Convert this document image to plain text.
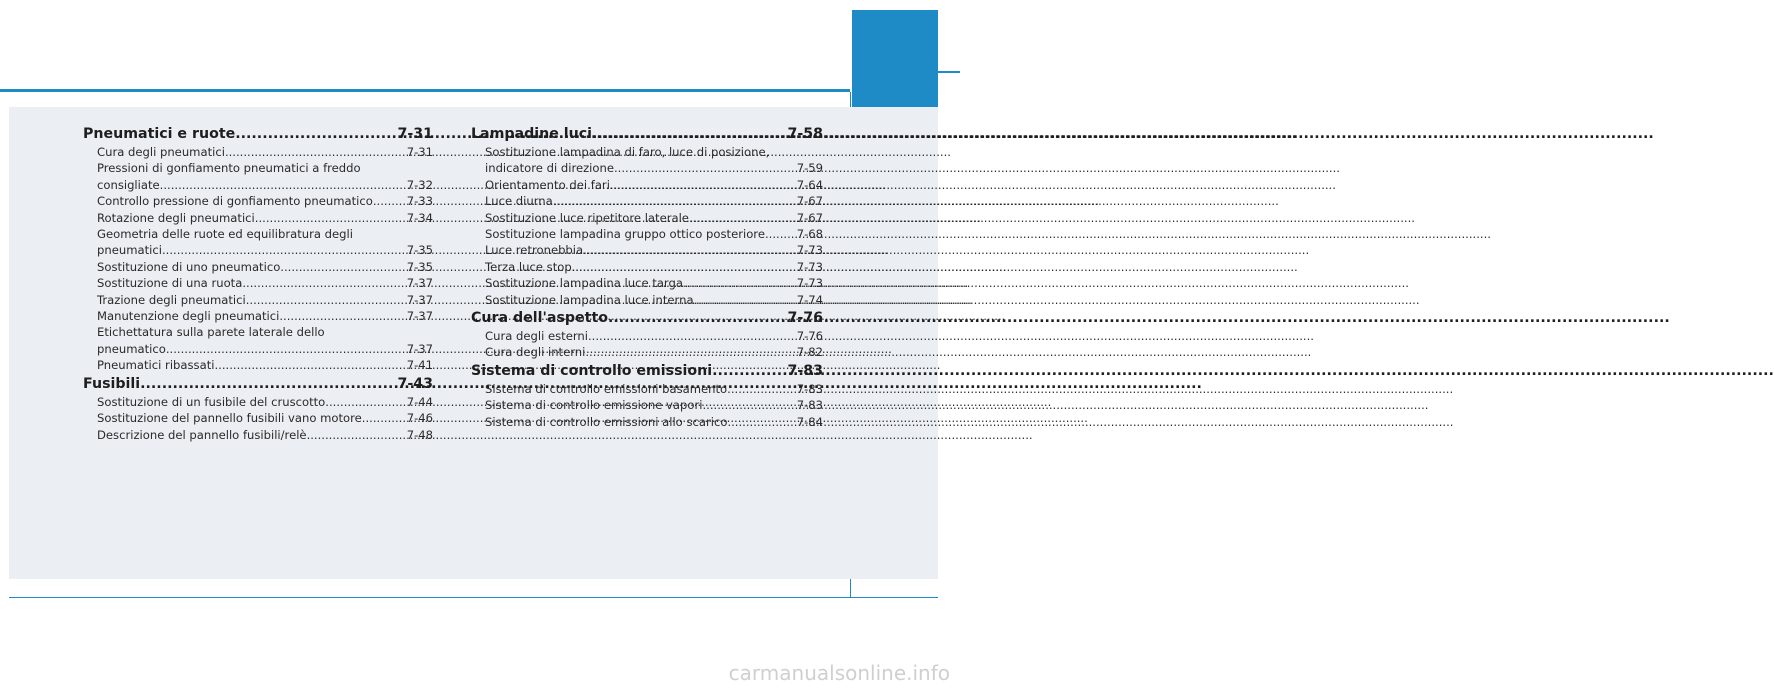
Pneumatici e ruote .....	7-31
Cura degli pneumatici .....	7-31
Pressioni di gonfiamento pneumatici a freddo
consigliate .....	7-32
Controllo pressione di gonfiamento pneumatico .....	7-33
Rotazione degli pneumatici .....	7-34
Geometria delle ruote ed equilibratura degli
pneumatici .....	7-35
Sostituzione di uno pneumatico .....	7-35
Sostituzione di una ruota .....	7-37
Trazione degli pneumatici .....	7-37
Manutenzione degli pneumatici .....	7-37
Etichettatura sulla parete laterale dello
pneumatico .....	7-37
Pneumatici ribassati .....	7-41
Fusibili .....	7-43
Sostituzione di un fusibile del cruscotto .....	7-44
Sostituzione del pannello fusibili vano motore .....	7-46
Descrizione del pannello fusibili/relè .....	7-48
Lampadine luci .....	7-58
Sostituzione lampadina di faro, luce di posizione,
indicatore di direzione .....	7-59
Orientamento dei fari .....	7-64
Luce diurna .....	7-67
Sostituzione luce ripetitore laterale .....	7-67
Sostituzione lampadina gruppo ottico posteriore .....	7-68
Luce retronebbia .....	7-73
Terza luce stop .....	7-73
Sostituzione lampadina luce targa .....	7-73
Sostituzione lampadina luce interna .....	7-74
Cura dell'aspetto .....	7-76
Cura degli esterni .....	7-76
Cura degli interni .....	7-82
Sistema di controllo emissioni .....	7-83
Sistema di controllo emissioni basamento .....	7-83
Sistema di controllo emissione vapori .....	7-83
Sistema di controllo emissioni allo scarico .....	7-84
carmanualsonline.info
